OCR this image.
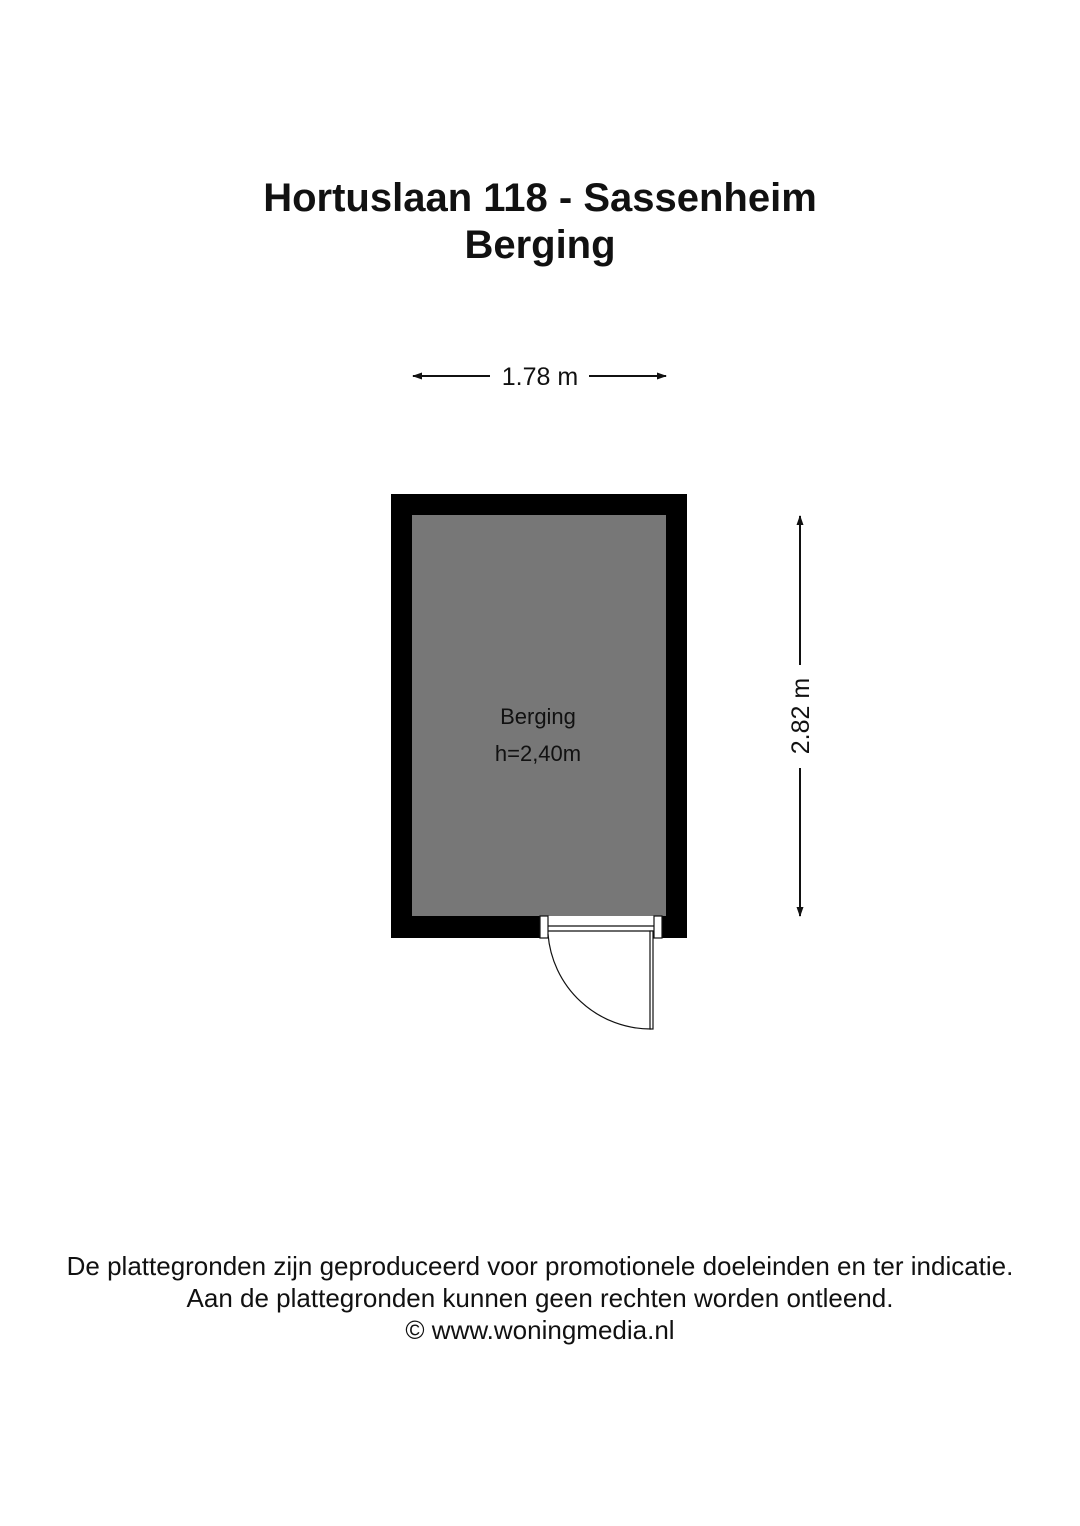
Hortuslaan 118 - Sassenheim
Berging
1.78 m
2.82 m
Berging
h=2,40m
De plattegronden zijn geproduceerd voor promotionele doeleinden en ter indicatie.
Aan de plattegronden kunnen geen rechten worden ontleend.
© www.woningmedia.nl
